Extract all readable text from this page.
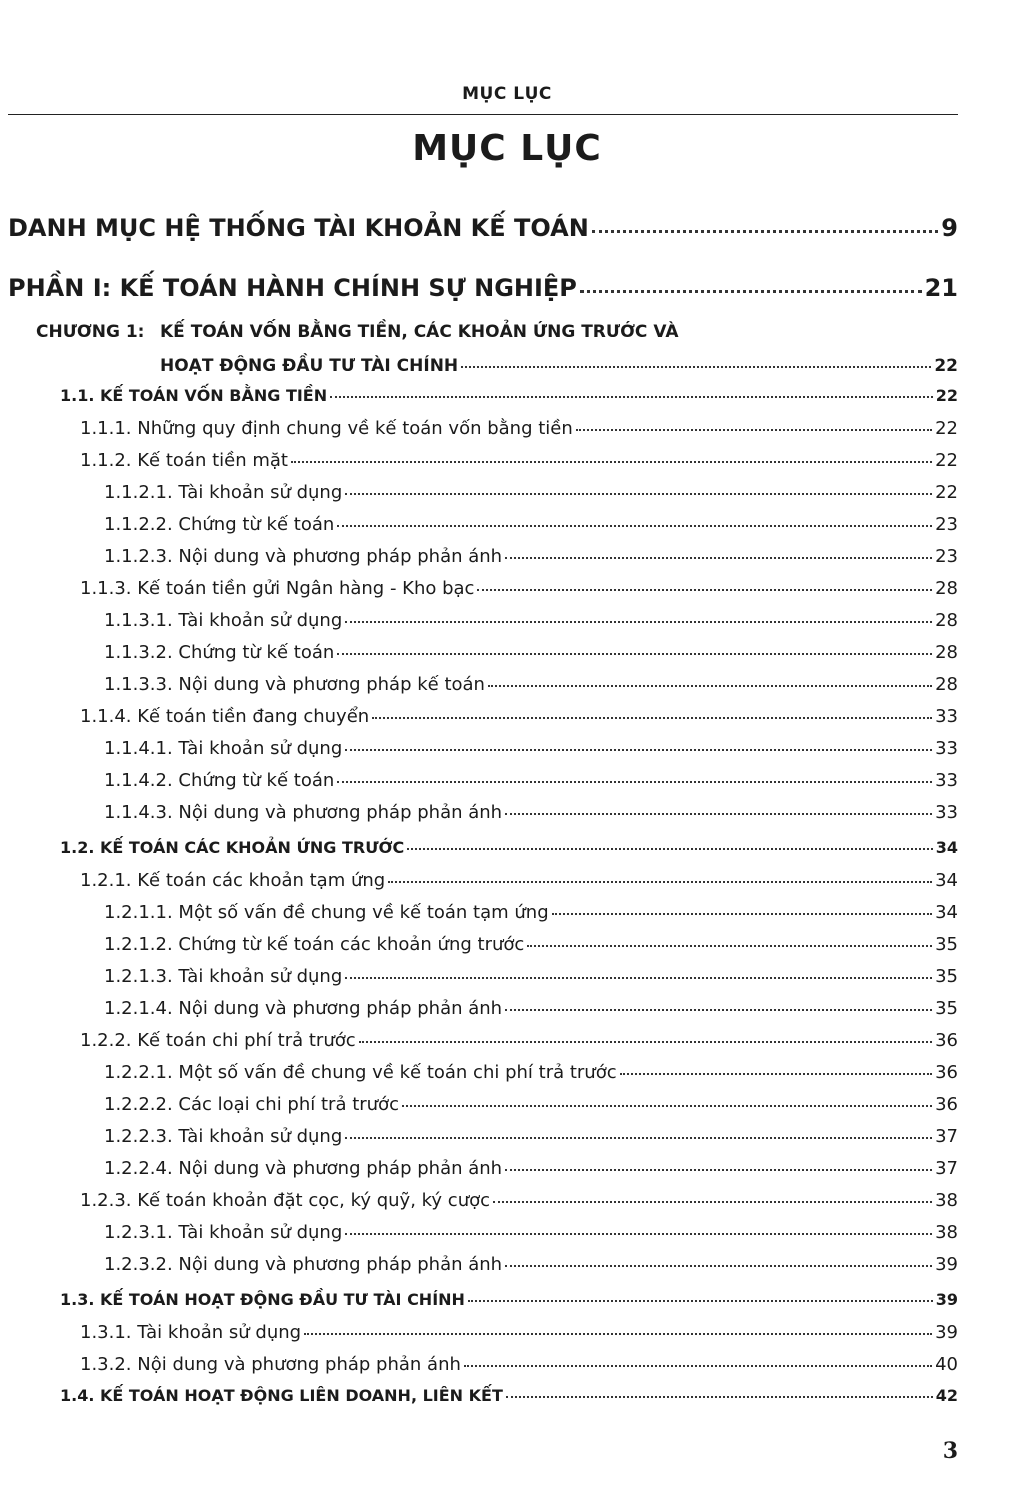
MỤC LỤC
MỤC LỤC
CHƯƠNG 1: KẾ TOÁN VỐN BẰNG TIỀN, CÁC KHOẢN ỨNG TRƯỚC VÀ
HOẠT ĐỘNG ĐẦU TƯ TÀI CHÍNH	22
DANH MỤC HỆ THỐNG TÀI KHOẢN KẾ TOÁN	9
PHẦN I: KẾ TOÁN HÀNH CHÍNH SỰ NGHIỆP	21
1.1. KẾ TOÁN VỐN BẰNG TIỀN	22
1.1.1. Những quy định chung về kế toán vốn bằng tiền	22
1.1.2. Kế toán tiền mặt	22
1.1.2.1. Tài khoản sử dụng	22
1.1.2.2. Chứng từ kế toán	23
1.1.2.3. Nội dung và phương pháp phản ánh	23
1.1.3. Kế toán tiền gửi Ngân hàng - Kho bạc	28
1.1.3.1. Tài khoản sử dụng	28
1.1.3.2. Chứng từ kế toán	28
1.1.3.3. Nội dung và phương pháp kế toán	28
1.1.4. Kế toán tiền đang chuyển	33
1.1.4.1. Tài khoản sử dụng	33
1.1.4.2. Chứng từ kế toán	33
1.1.4.3. Nội dung và phương pháp phản ánh	33
1.2. KẾ TOÁN CÁC KHOẢN ỨNG TRƯỚC	34
1.2.1. Kế toán các khoản tạm ứng	34
1.2.1.1. Một số vấn đề chung về kế toán tạm ứng	34
1.2.1.2. Chứng từ kế toán các khoản ứng trước	35
1.2.1.3. Tài khoản sử dụng	35
1.2.1.4. Nội dung và phương pháp phản ánh	35
1.2.2. Kế toán chi phí trả trước	36
1.2.2.1. Một số vấn đề chung về kế toán chi phí trả trước	36
1.2.2.2. Các loại chi phí trả trước	36
1.2.2.3. Tài khoản sử dụng	37
1.2.2.4. Nội dung và phương pháp phản ánh	37
1.2.3. Kế toán khoản đặt cọc, ký quỹ, ký cược	38
1.2.3.1. Tài khoản sử dụng	38
1.2.3.2. Nội dung và phương pháp phản ánh	39
1.3. KẾ TOÁN HOẠT ĐỘNG ĐẦU TƯ TÀI CHÍNH	39
1.3.1. Tài khoản sử dụng	39
1.3.2. Nội dung và phương pháp phản ánh	40
1.4. KẾ TOÁN HOẠT ĐỘNG LIÊN DOANH, LIÊN KẾT	42
3
